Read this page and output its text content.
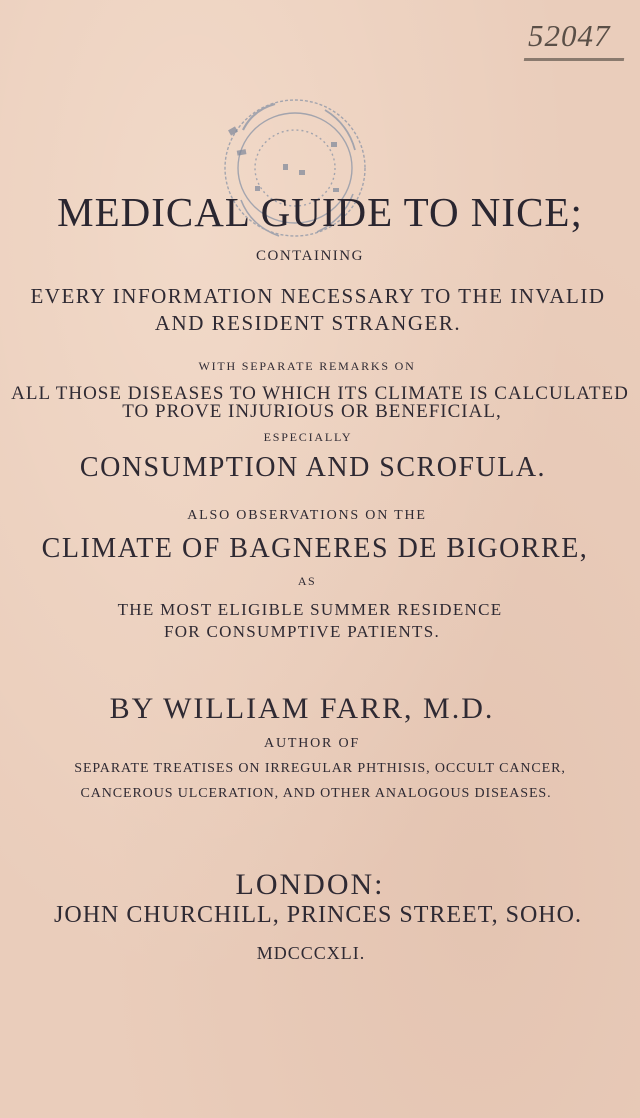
52047

MEDICAL GUIDE TO NICE;

CONTAINING

EVERY INFORMATION NECESSARY TO THE INVALID

AND RESIDENT STRANGER.

WITH SEPARATE REMARKS ON

ALL THOSE DISEASES TO WHICH ITS CLIMATE IS CALCULATED

TO PROVE INJURIOUS OR BENEFICIAL,

ESPECIALLY

CONSUMPTION AND SCROFULA.

ALSO OBSERVATIONS ON THE

CLIMATE OF BAGNERES DE BIGORRE,

AS

THE MOST ELIGIBLE SUMMER RESIDENCE

FOR CONSUMPTIVE PATIENTS.

BY WILLIAM FARR, M.D.

AUTHOR OF

SEPARATE TREATISES ON IRREGULAR PHTHISIS, OCCULT CANCER,

CANCEROUS ULCERATION, AND OTHER ANALOGOUS DISEASES.

LONDON:

JOHN CHURCHILL, PRINCES STREET, SOHO.

MDCCCXLI.
